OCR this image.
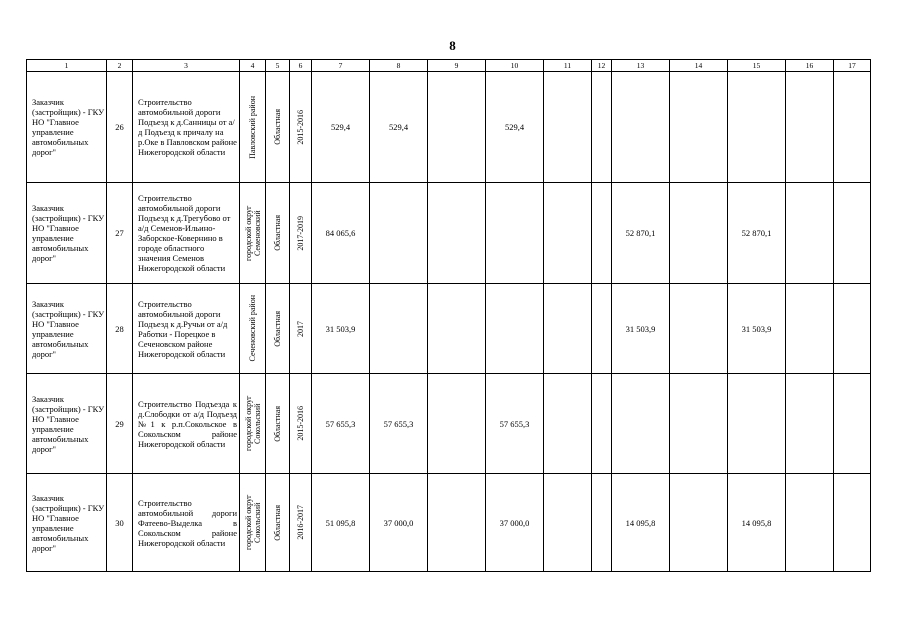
8
1	2	3	4	5	6	7	8	9	10	11	12	13	14	15	16	17
Заказчик (застройщик) - ГКУ НО "Главное управление автомобильных дорог"	26	Строительство автомобильной дороги Подъезд к д.Санницы от а/д Подъезд к причалу на р.Оке в Павловском районе Нижегородской области	Павловский район	Областная	2015-2016	529,4	529,4		529,4							
Заказчик (застройщик) - ГКУ НО "Главное управление автомобильных дорог"	27	Строительство автомобильной дороги Подъезд к д.Трегубово от а/д Семенов-Ильино-Заборское-Ковернино в городе областного значения Семенов Нижегородской области	городской округ Семеновский	Областная	2017-2019	84 065,6						52 870,1		52 870,1		
Заказчик (застройщик) - ГКУ НО "Главное управление автомобильных дорог"	28	Строительство автомобильной дороги Подъезд к д.Ручьи от а/д Работки - Порецкое в Сеченовском районе Нижегородской области	Сеченовский район	Областная	2017	31 503,9						31 503,9		31 503,9		
Заказчик (застройщик) - ГКУ НО "Главное управление автомобильных дорог"	29	Строительство Подъезда к д.Слободки от а/д Подъезд №1 к р.п.Сокольское в Сокольском районе Нижегородской области	городской округ Сокольский	Областная	2015-2016	57 655,3	57 655,3		57 655,3							
Заказчик (застройщик) - ГКУ НО "Главное управление автомобильных дорог"	30	Строительство автомобильной дороги Фатеево-Выделка в Сокольском районе Нижегородской области	городской округ Сокольский	Областная	2016-2017	51 095,8	37 000,0		37 000,0			14 095,8		14 095,8		
